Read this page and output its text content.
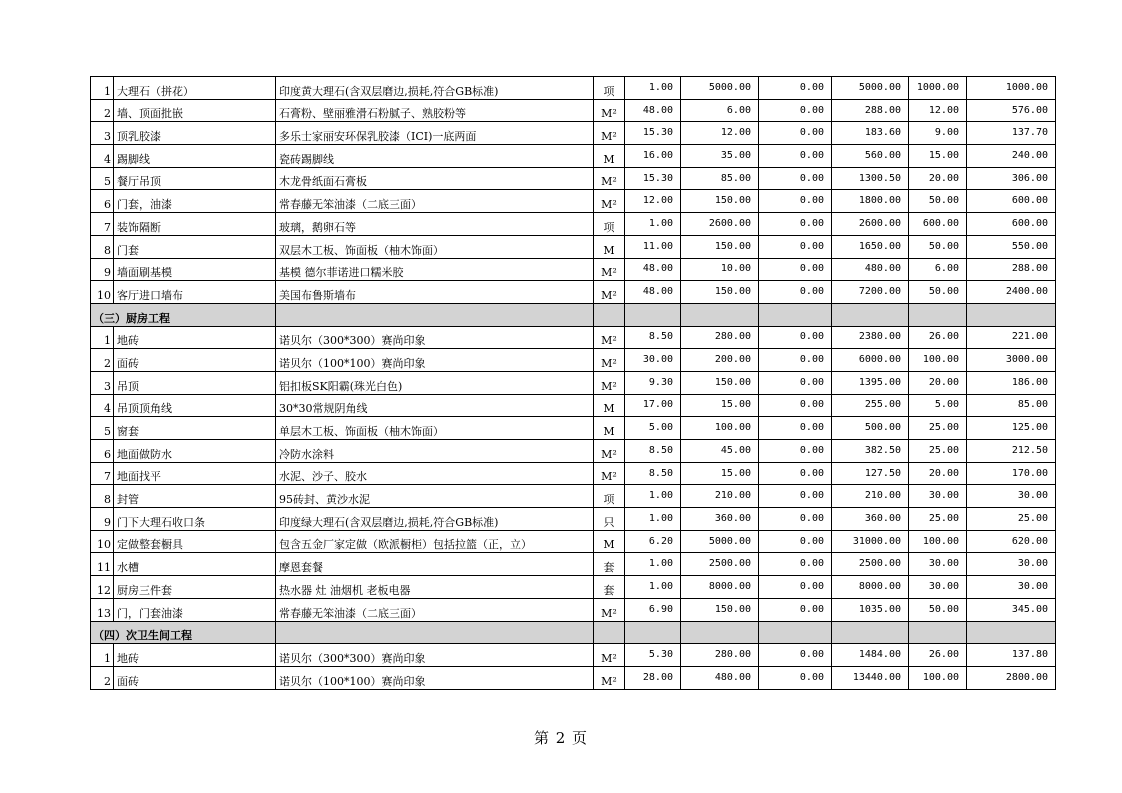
1	大理石（拼花）	印度黄大理石(含双层磨边,损耗,符合GB标准)	项	1.00	5000.00	0.00	5000.00	1000.00	1000.00
2	墙、顶面批嵌	石膏粉、壁丽雅滑石粉腻子、熟胶粉等	M²	48.00	6.00	0.00	288.00	12.00	576.00
3	顶乳胶漆	多乐士家丽安环保乳胶漆（ICI)一底两面	M²	15.30	12.00	0.00	183.60	9.00	137.70
4	踢脚线	瓷砖踢脚线	M	16.00	35.00	0.00	560.00	15.00	240.00
5	餐厅吊顶	木龙骨纸面石膏板	M²	15.30	85.00	0.00	1300.50	20.00	306.00
6	门套，油漆	常春藤无笨油漆（二底三面）	M²	12.00	150.00	0.00	1800.00	50.00	600.00
7	装饰隔断	玻璃，鹅卵石等	项	1.00	2600.00	0.00	2600.00	600.00	600.00
8	门套	双层木工板、饰面板（柚木饰面）	M	11.00	150.00	0.00	1650.00	50.00	550.00
9	墙面刷基模	基模 德尔菲诺进口糯米胶	M²	48.00	10.00	0.00	480.00	6.00	288.00
10	客厅进口墙布	美国布鲁斯墙布	M²	48.00	150.00	0.00	7200.00	50.00	2400.00
（三）厨房工程									
1	地砖	诺贝尔（300*300）赛尚印象	M²	8.50	280.00	0.00	2380.00	26.00	221.00
2	面砖	诺贝尔（100*100）赛尚印象	M²	30.00	200.00	0.00	6000.00	100.00	3000.00
3	吊顶	铝扣板SK阳霸(珠光白色)	M²	9.30	150.00	0.00	1395.00	20.00	186.00
4	吊顶顶角线	30*30常规阴角线	M	17.00	15.00	0.00	255.00	5.00	85.00
5	窗套	单层木工板、饰面板（柚木饰面）	M	5.00	100.00	0.00	500.00	25.00	125.00
6	地面做防水	冷防水涂料	M²	8.50	45.00	0.00	382.50	25.00	212.50
7	地面找平	水泥、沙子、胶水	M²	8.50	15.00	0.00	127.50	20.00	170.00
8	封管	95砖封、黄沙水泥	项	1.00	210.00	0.00	210.00	30.00	30.00
9	门下大理石收口条	印度绿大理石(含双层磨边,损耗,符合GB标准)	只	1.00	360.00	0.00	360.00	25.00	25.00
10	定做整套橱具	包含五金厂家定做（欧派橱柜）包括拉篮（正，立）	M	6.20	5000.00	0.00	31000.00	100.00	620.00
11	水槽	摩恩套餐	套	1.00	2500.00	0.00	2500.00	30.00	30.00
12	厨房三件套	热水器 灶 油烟机 老板电器	套	1.00	8000.00	0.00	8000.00	30.00	30.00
13	门，门套油漆	常春藤无笨油漆（二底三面）	M²	6.90	150.00	0.00	1035.00	50.00	345.00
（四）次卫生间工程									
1	地砖	诺贝尔（300*300）赛尚印象	M²	5.30	280.00	0.00	1484.00	26.00	137.80
2	面砖	诺贝尔（100*100）赛尚印象	M²	28.00	480.00	0.00	13440.00	100.00	2800.00
第 2 页
